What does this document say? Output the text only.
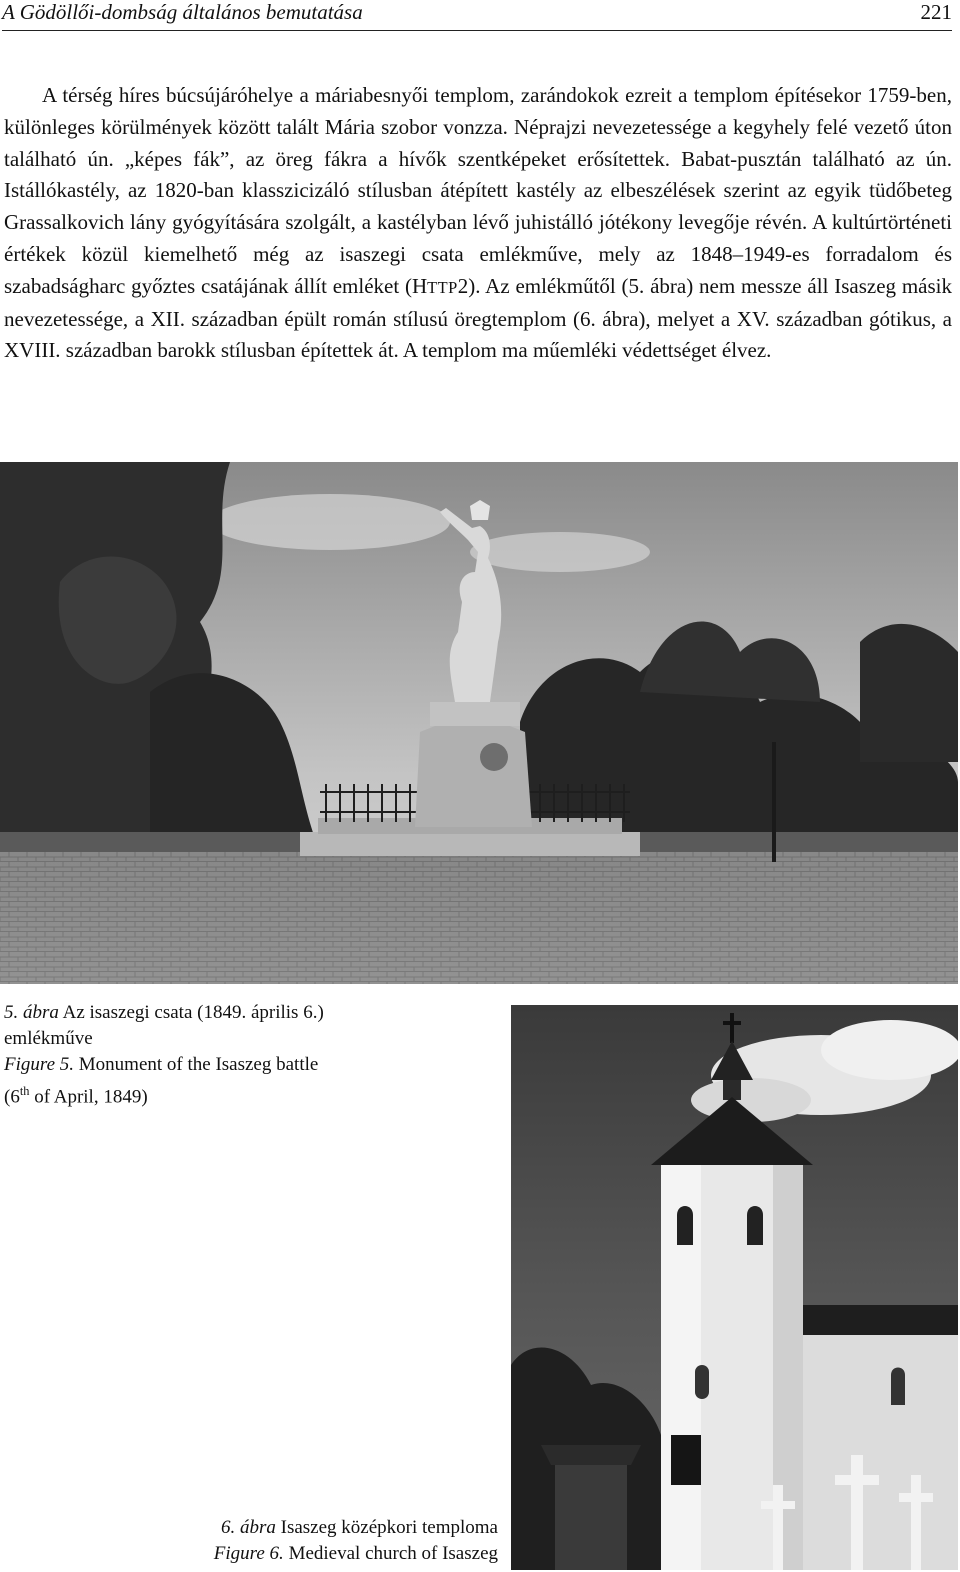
A Gödöllői-dombság általános bemutatása	221

A térség híres búcsújáróhelye a máriabesnyői templom, zarándokok ezreit a templom építésekor 1759-ben, különleges körülmények között talált Mária szobor vonzza. Néprajzi nevezetessége a kegyhely felé vezető úton található ún. „képes fák”, az öreg fákra a hívők szentképeket erősítettek. Babat-pusztán található az ún. Istállókastély, az 1820-ban klasszicizáló stílusban átépített kastély az elbeszélések szerint az egyik tüdőbeteg Grassalkovich lány gyógyítására szolgált, a kastélyban lévő juhistálló jótékony levegője révén. A kultúrtörténeti értékek közül kiemelhető még az isaszegi csata emlékműve, mely az 1848–1949-es forradalom és szabadságharc győztes csatájának állít emléket (HTTP2). Az emlékműtől (5. ábra) nem messze áll Isaszeg másik nevezetessége, a XII. században épült román stílusú öregtemplom (6. ábra), melyet a XV. században gótikus, a XVIII. században barokk stílusban építettek át. A templom ma műemléki védettséget élvez.

5. ábra Az isaszegi csata (1849. április 6.)
emlékműve
Figure 5. Monument of the Isaszeg battle
(6th of April, 1849)

6. ábra Isaszeg középkori temploma
Figure 6. Medieval church of Isaszeg
